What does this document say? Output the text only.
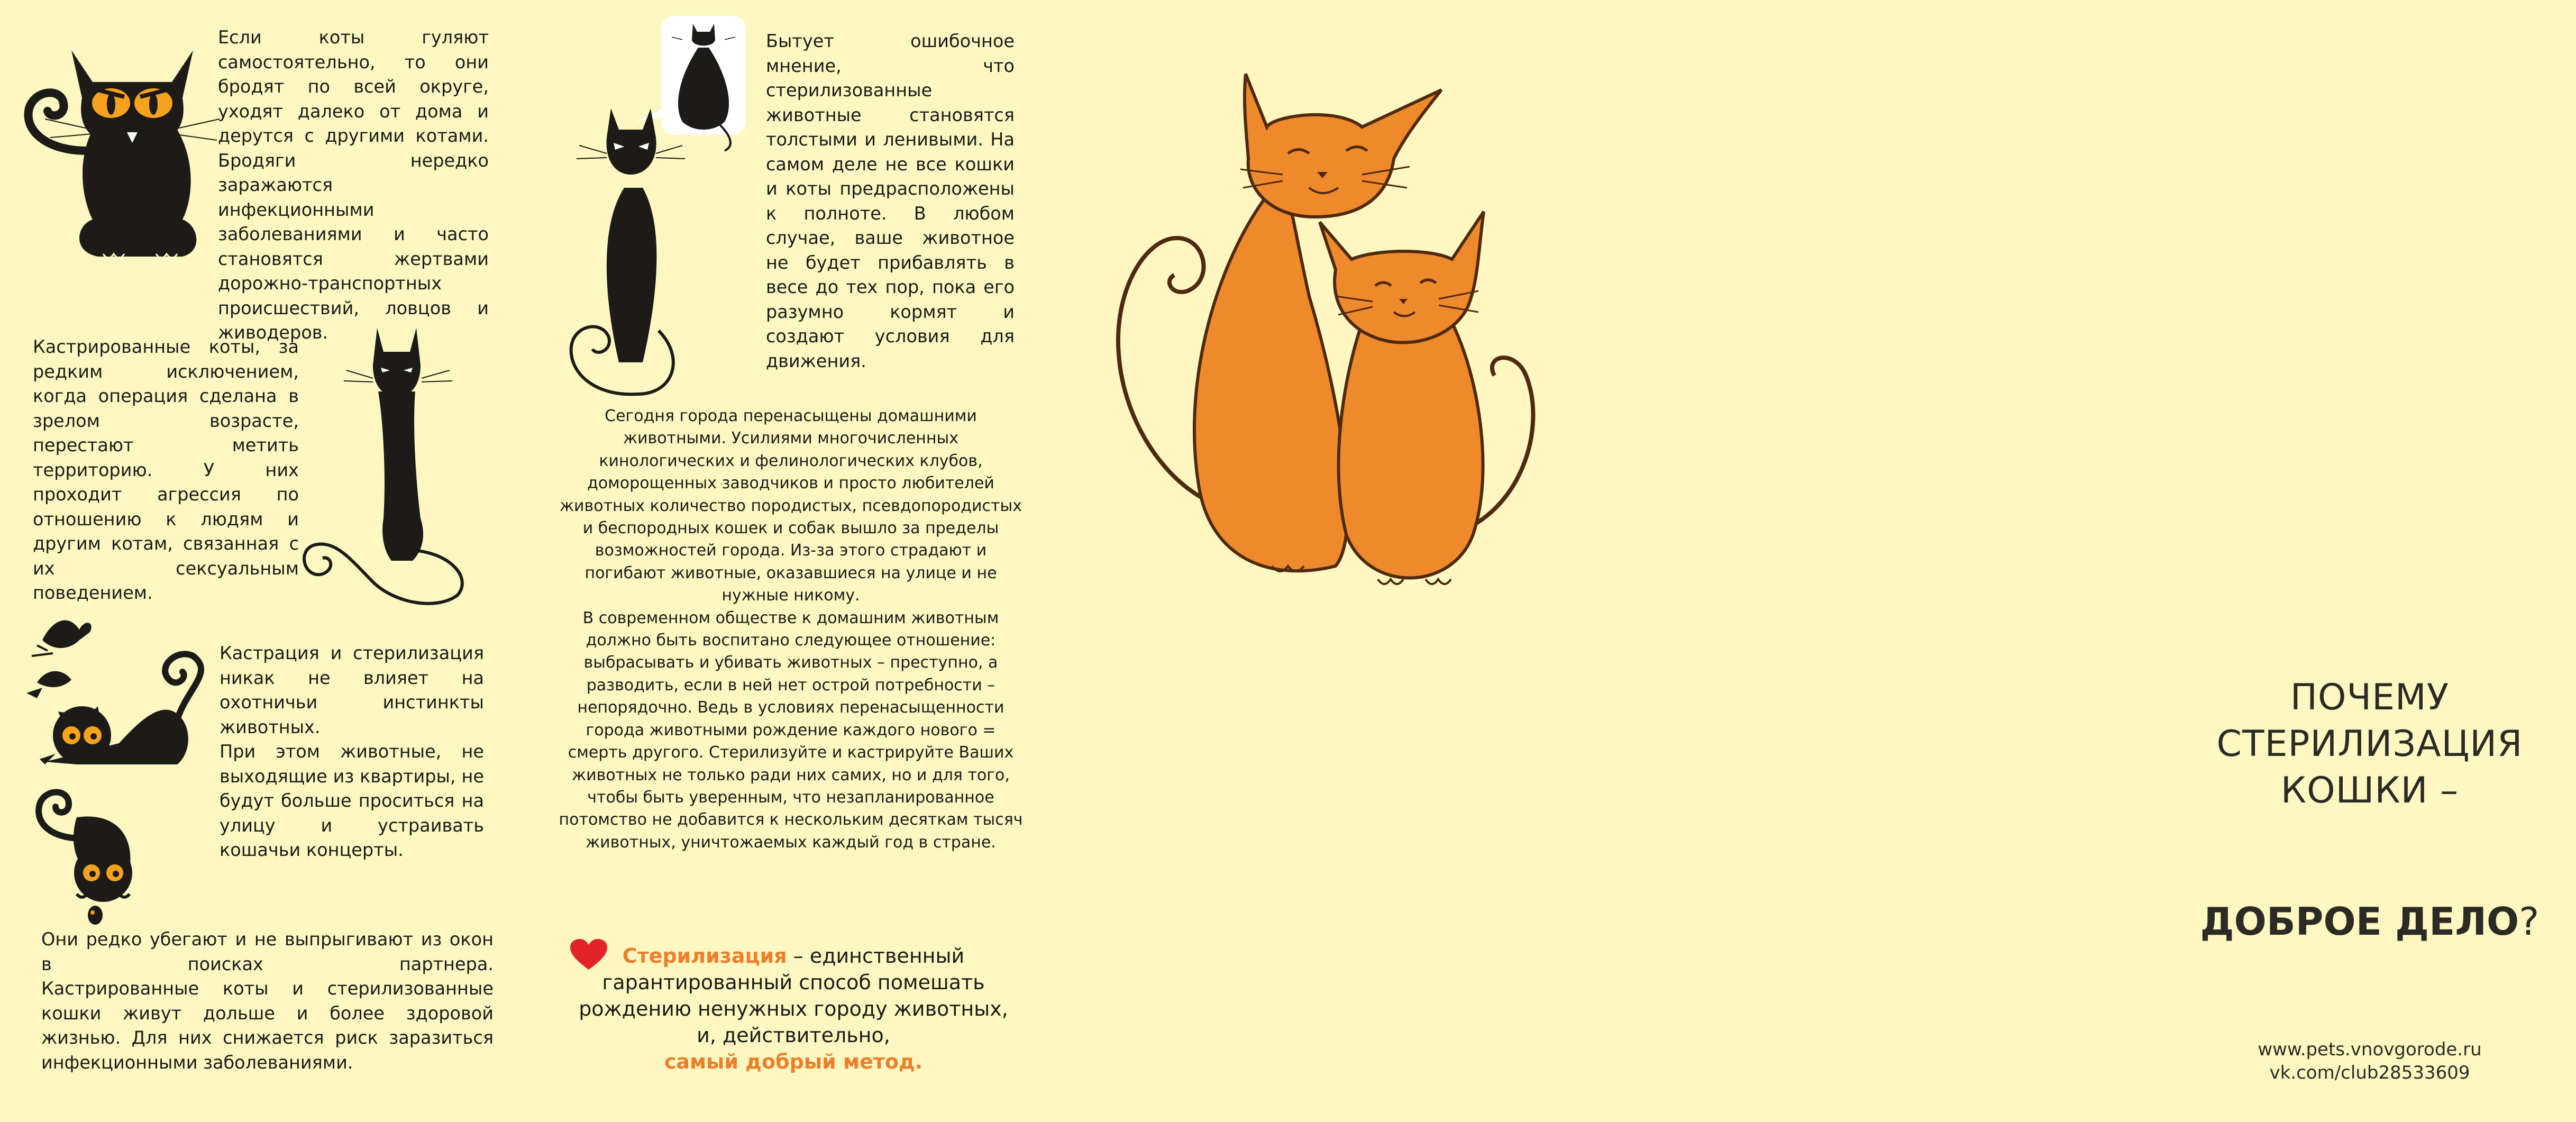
Если коты гуляют самостоятельно, то они бродят по всей округе, уходят далеко от дома и дерутся с другими котами.

Бродяги нередко заражаются инфекционными заболеваниями и часто становятся жертвами дорожно-транспортных происшествий, ловцов и живодеров.

Кастрированные коты, за редким исключением, когда операция сделана в зрелом возрасте, перестают метить территорию. У них проходит агрессия по отношению к людям и другим котам, связанная с их сексуальным поведением.

Кастрация и стерилизация никак не влияет на охотничьи инстинкты животных.

При этом животные, не выходящие из квартиры, не будут больше проситься на улицу и устраивать кошачьи концерты.

Они редко убегают и не выпрыгивают из окон в поисках партнера.

Кастрированные коты и стерилизованные кошки живут дольше и более здоровой жизнью. Для них снижается риск заразиться инфекционными заболеваниями.

Бытует ошибочное мнение, что стерилизованные животные становятся толстыми и ленивыми. На самом деле не все кошки и коты предрасположены к полноте. В любом случае, ваше животное не будет прибавлять в весе до тех пор, пока его разумно кормят и создают условия для движения.

Сегодня города перенасыщены домашними животными. Усилиями многочисленных кинологических и фелинологических клубов, доморощенных заводчиков и просто любителей животных количество породистых, псевдопородистых и беспородных кошек и собак вышло за пределы возможностей города. Из-за этого страдают и погибают животные, оказавшиеся на улице и не нужные никому.

В современном обществе к домашним животным должно быть воспитано следующее отношение: выбрасывать и убивать животных – преступно, а разводить, если в ней нет острой потребности – непорядочно. Ведь в условиях перенасыщенности города животными рождение каждого нового = смерть другого. Стерилизуйте и кастрируйте Ваших животных не только ради них самих, но и для того, чтобы быть уверенным, что незапланированное потомство не добавится к нескольким десяткам тысяч животных, уничтожаемых каждый год в стране.

Стерилизация – единственный
гарантированный способ помешать
рождению ненужных городу животных,
и, действительно,
самый добрый метод.
ПОЧЕМУ
СТЕРИЛИЗАЦИЯ
КОШКИ –
ДОБРОЕ ДЕЛО?
www.pets.vnovgorode.ru
vk.com/club28533609
